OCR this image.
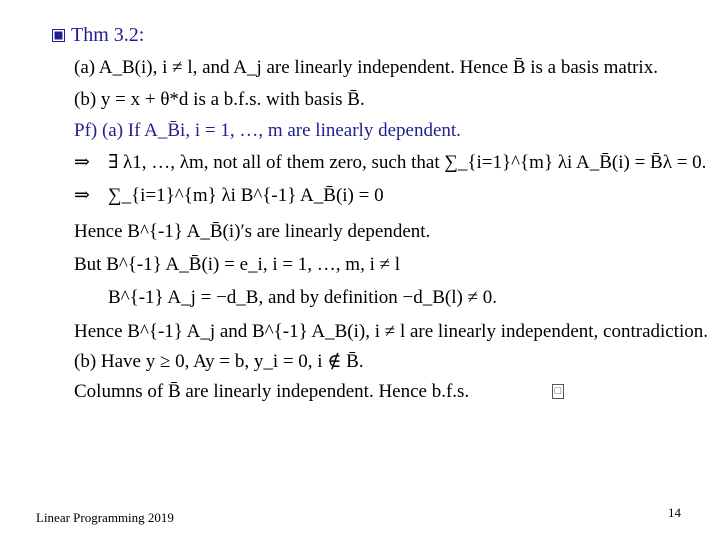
Thm 3.2:
(a) A_B(i), i ≠ l, and A_j are linearly independent. Hence B̄ is a basis matrix.
(b) y = x + θ*d is a b.f.s. with basis B̄.
Pf) (a) If A_B̄i, i = 1, …, m are linearly dependent.
⇒ ∃ λ1, …, λm, not all of them zero, such that ∑_{i=1}^{m} λi A_B̄(i) = B̄λ = 0.
⇒ ∑_{i=1}^{m} λi B^{-1} A_B̄(i) = 0
Hence B^{-1} A_B̄(i)′s are linearly dependent.
But B^{-1} A_B̄(i) = e_i, i = 1, …, m, i ≠ l
B^{-1} A_j = −d_B, and by definition −d_B(l) ≠ 0.
Hence B^{-1} A_j and B^{-1} A_B(i), i ≠ l are linearly independent, contradiction.
(b) Have y ≥ 0, Ay = b, y_i = 0, i ∉ B̄.
Columns of B̄ are linearly independent. Hence b.f.s.	□
Linear Programming 2019	14
